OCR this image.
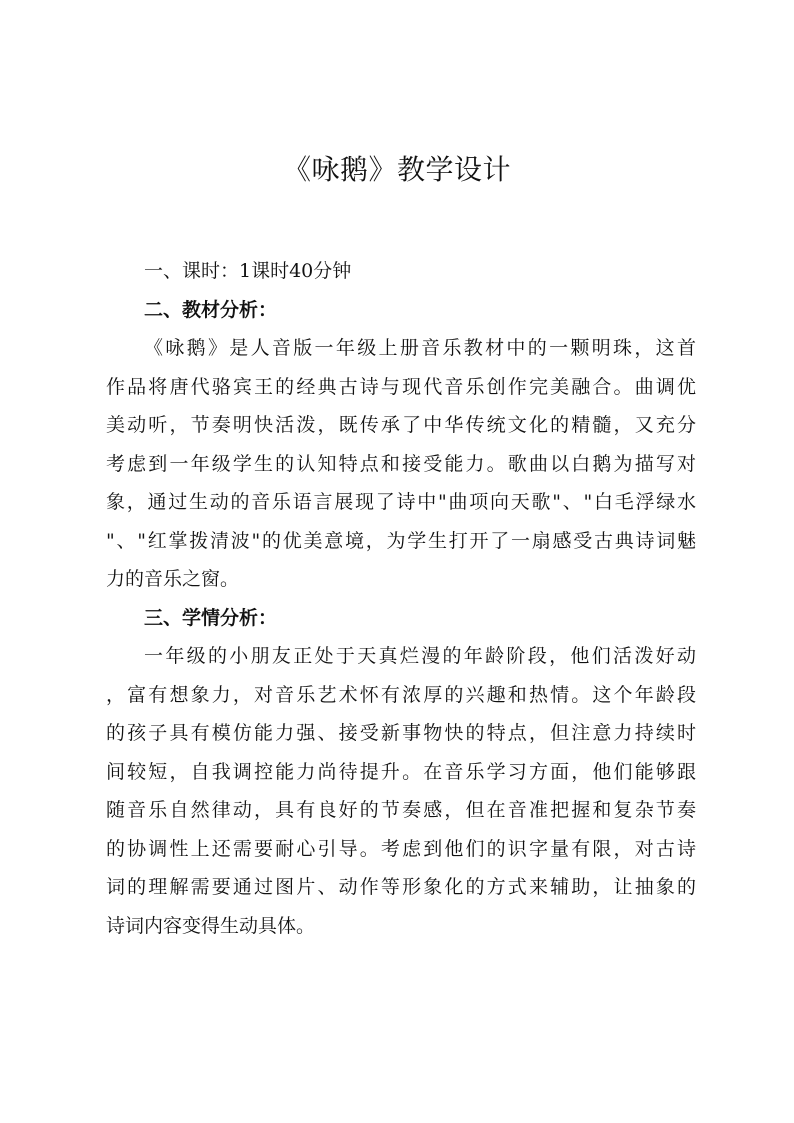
《咏鹅》教学设计

一、课时：1课时40分钟

二、教材分析：

《咏鹅》是人音版一年级上册音乐教材中的一颗明珠，这首

作品将唐代骆宾王的经典古诗与现代音乐创作完美融合。曲调优

美动听，节奏明快活泼，既传承了中华传统文化的精髓，又充分

考虑到一年级学生的认知特点和接受能力。歌曲以白鹅为描写对

象，通过生动的音乐语言展现了诗中"曲项向天歌"、"白毛浮绿水

"、"红掌拨清波"的优美意境，为学生打开了一扇感受古典诗词魅

力的音乐之窗。

三、学情分析：

一年级的小朋友正处于天真烂漫的年龄阶段，他们活泼好动

，富有想象力，对音乐艺术怀有浓厚的兴趣和热情。这个年龄段

的孩子具有模仿能力强、接受新事物快的特点，但注意力持续时

间较短，自我调控能力尚待提升。在音乐学习方面，他们能够跟

随音乐自然律动，具有良好的节奏感，但在音准把握和复杂节奏

的协调性上还需要耐心引导。考虑到他们的识字量有限，对古诗

词的理解需要通过图片、动作等形象化的方式来辅助，让抽象的

诗词内容变得生动具体。
